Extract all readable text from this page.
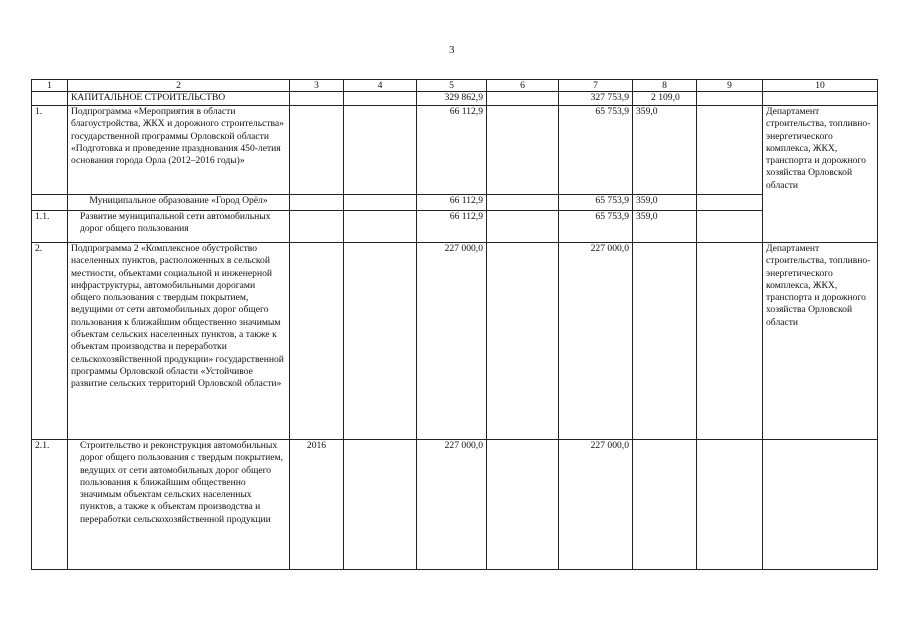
3
1	2	3	4	5	6	7	8	9	10
	КАПИТАЛЬНОЕ СТРОИТЕЛЬСТВО			329 862,9		327 753,9	2 109,0		
1.	Подпрограмма «Мероприятия в области благоустройства, ЖКХ и дорожного строительства» государственной программы Орловской области «Подготовка и проведение празднования 450-летия основания города Орла (2012–2016 годы)»			66 112,9		65 753,9	359,0		Департамент строительства, топливно-энергетического комплекса, ЖКХ, транспорта и дорожного хозяйства Орловской области
	Муниципальное образование «Город Орёл»			66 112,9		65 753,9	359,0		
1.1.	Развитие муниципальной сети автомобильных дорог общего пользования			66 112,9		65 753,9	359,0		
2.	Подпрограмма 2 «Комплексное обустройство населенных пунктов, расположенных в сельской местности, объектами социальной и инженерной инфраструктуры, автомобильными дорогами общего пользования с твердым покрытием, ведущими от сети автомобильных дорог общего пользования к ближайшим общественно значимым объектам сельских населенных пунктов, а также к объектам производства и переработки сельскохозяйственной продукции» государственной программы Орловской области «Устойчивое развитие сельских территорий Орловской области»			227 000,0		227 000,0			Департамент строительства, топливно-энергетического комплекса, ЖКХ, транспорта и дорожного хозяйства Орловской области
2.1.	Строительство и реконструкция автомобильных дорог общего пользования с твердым покрытием, ведущих от сети автомобильных дорог общего пользования к ближайшим общественно значимым объектам сельских населенных пунктов, а также к объектам производства и переработки сельскохозяйственной продукции	2016		227 000,0		227 000,0			
